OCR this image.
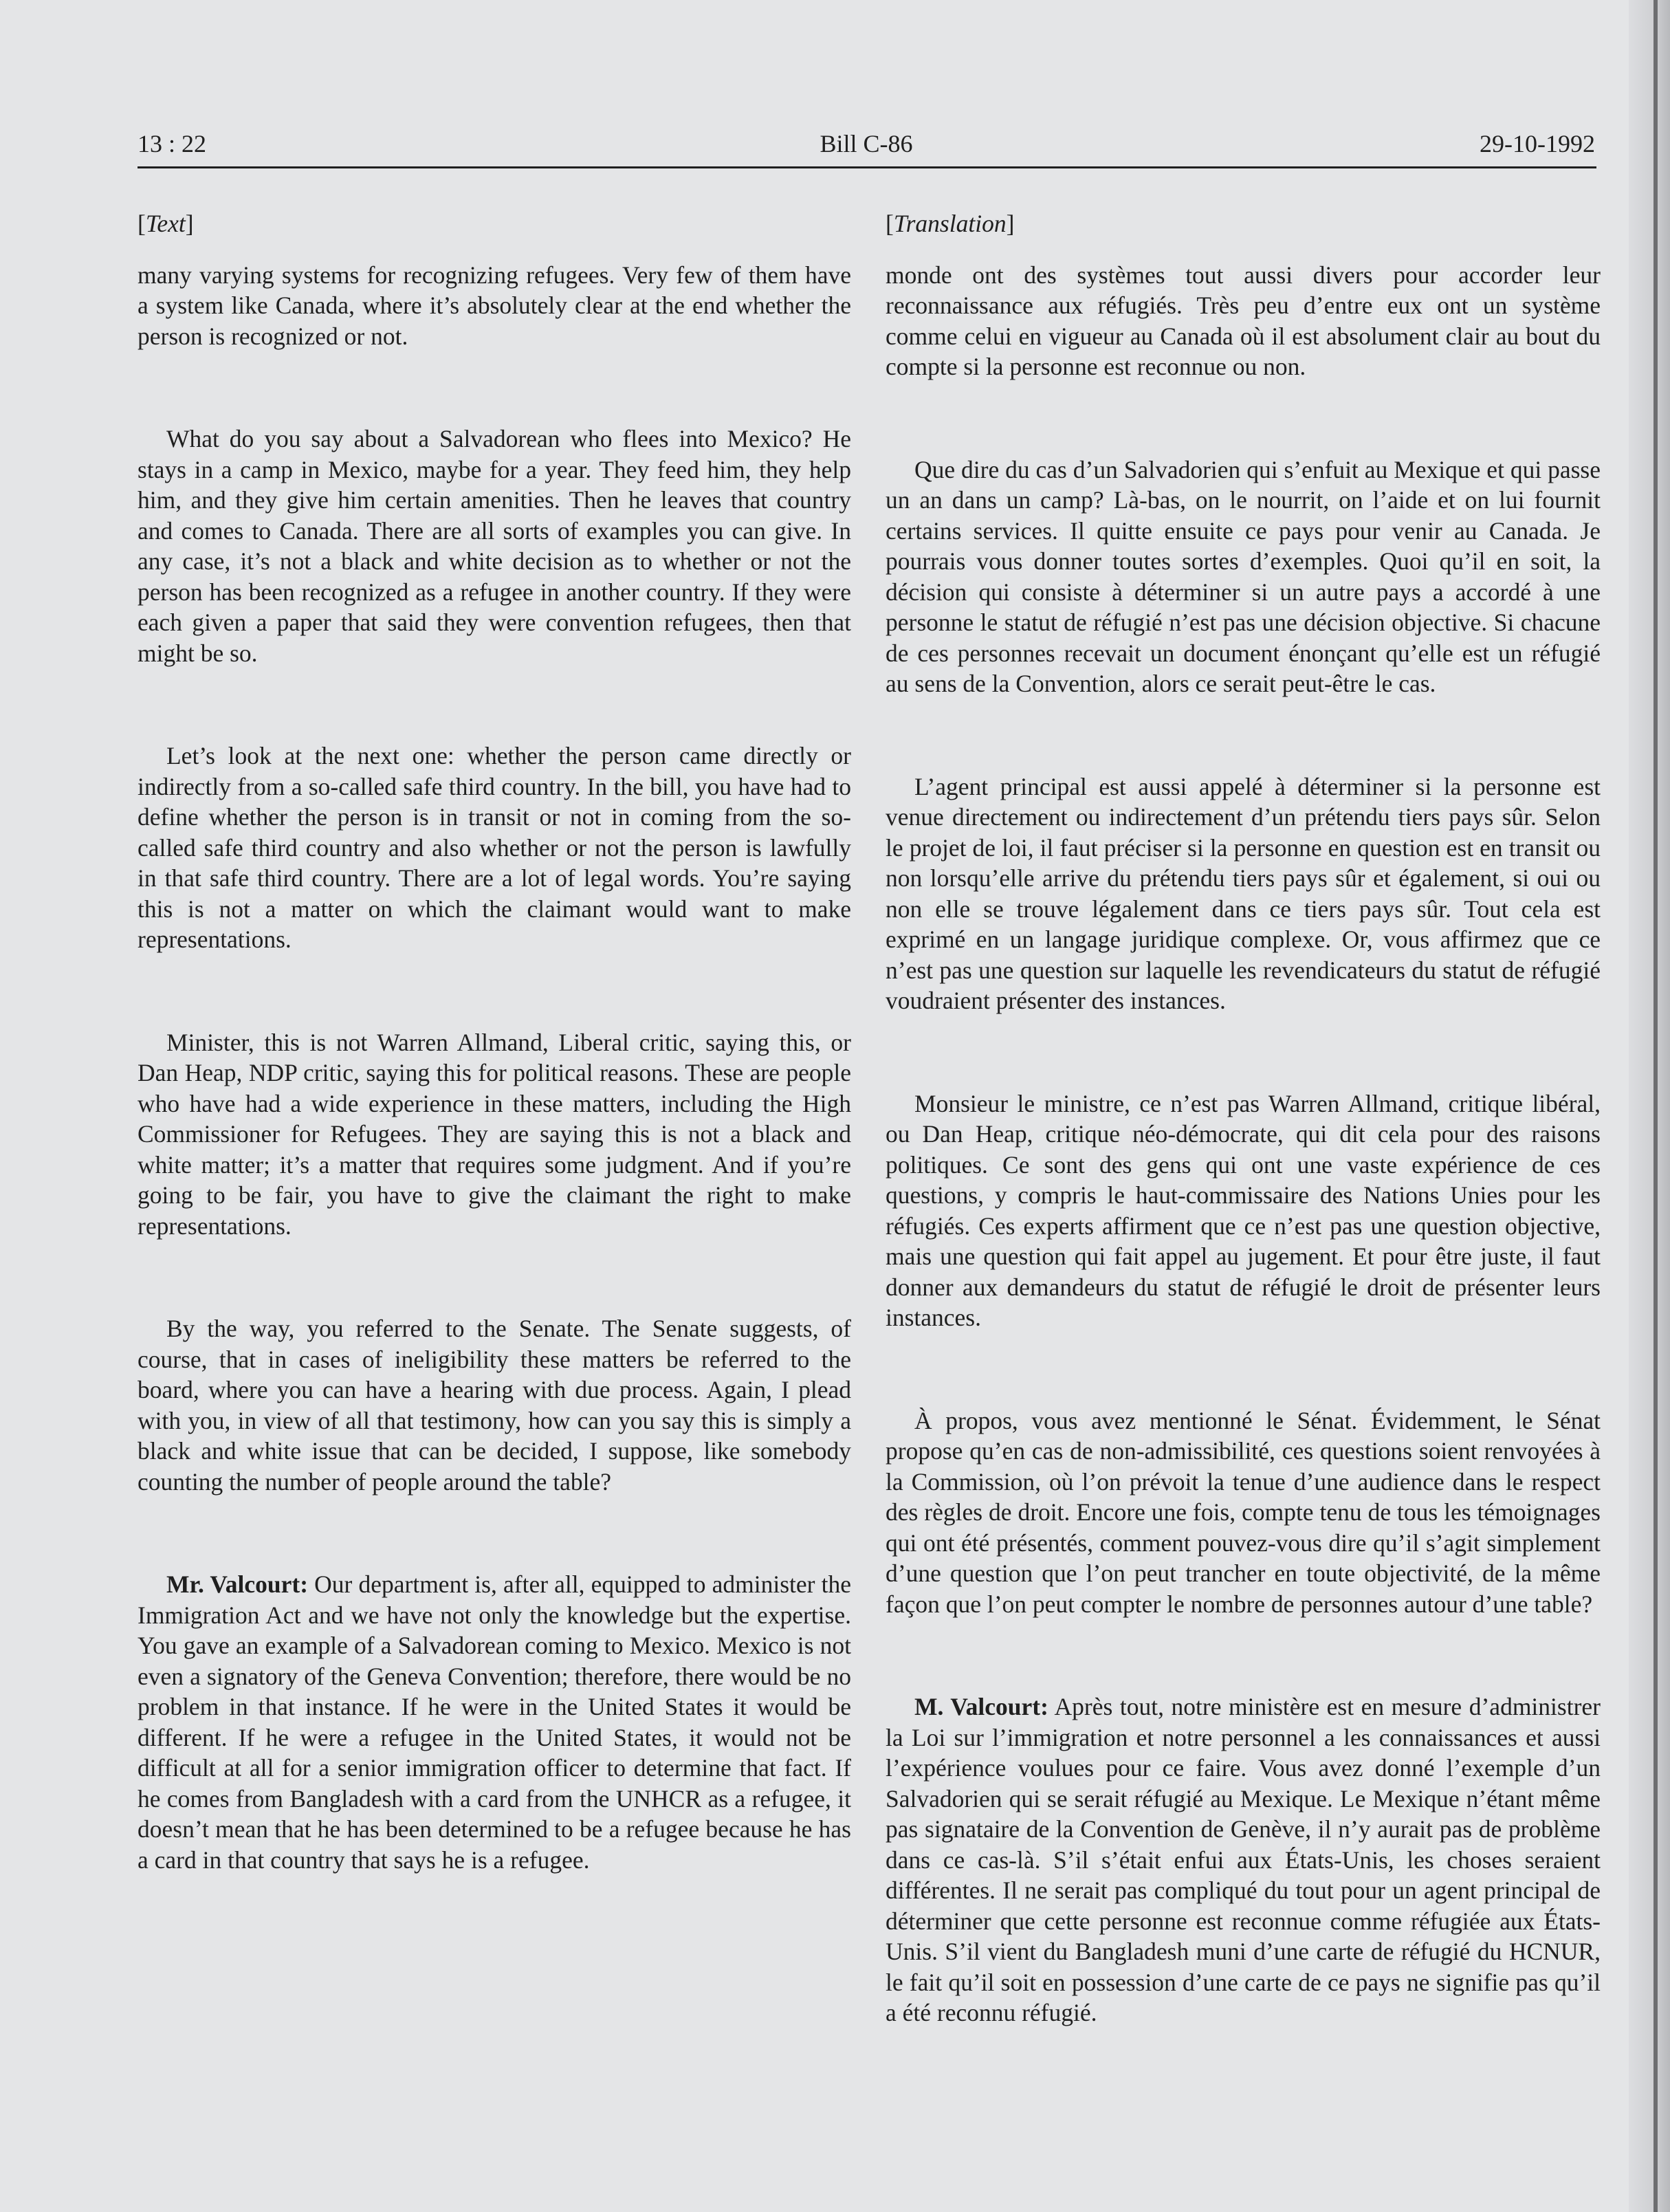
13 : 22	Bill C-86	29-10-1992
[Text]

many varying systems for recognizing refugees. Very few of them have a system like Canada, where it’s absolutely clear at the end whether the person is recognized or not.

What do you say about a Salvadorean who flees into Mexico? He stays in a camp in Mexico, maybe for a year. They feed him, they help him, and they give him certain amenities. Then he leaves that country and comes to Canada. There are all sorts of examples you can give. In any case, it’s not a black and white decision as to whether or not the person has been recognized as a refugee in another country. If they were each given a paper that said they were convention refugees, then that might be so.

Let’s look at the next one: whether the person came directly or indirectly from a so-called safe third country. In the bill, you have had to define whether the person is in transit or not in coming from the so-called safe third country and also whether or not the person is lawfully in that safe third country. There are a lot of legal words. You’re saying this is not a matter on which the claimant would want to make representations.

Minister, this is not Warren Allmand, Liberal critic, saying this, or Dan Heap, NDP critic, saying this for political reasons. These are people who have had a wide experience in these matters, including the High Commissioner for Refugees. They are saying this is not a black and white matter; it’s a matter that requires some judgment. And if you’re going to be fair, you have to give the claimant the right to make representations.

By the way, you referred to the Senate. The Senate suggests, of course, that in cases of ineligibility these matters be referred to the board, where you can have a hearing with due process. Again, I plead with you, in view of all that testimony, how can you say this is simply a black and white issue that can be decided, I suppose, like somebody counting the number of people around the table?

Mr. Valcourt: Our department is, after all, equipped to administer the Immigration Act and we have not only the knowledge but the expertise. You gave an example of a Salvadorean coming to Mexico. Mexico is not even a signatory of the Geneva Convention; therefore, there would be no problem in that instance. If he were in the United States it would be different. If he were a refugee in the United States, it would not be difficult at all for a senior immigration officer to determine that fact. If he comes from Bangladesh with a card from the UNHCR as a refugee, it doesn’t mean that he has been determined to be a refugee because he has a card in that country that says he is a refugee.

[Translation]

monde ont des systèmes tout aussi divers pour accorder leur reconnaissance aux réfugiés. Très peu d’entre eux ont un système comme celui en vigueur au Canada où il est absolument clair au bout du compte si la personne est reconnue ou non.

Que dire du cas d’un Salvadorien qui s’enfuit au Mexique et qui passe un an dans un camp? Là-bas, on le nourrit, on l’aide et on lui fournit certains services. Il quitte ensuite ce pays pour venir au Canada. Je pourrais vous donner toutes sortes d’exemples. Quoi qu’il en soit, la décision qui consiste à déterminer si un autre pays a accordé à une personne le statut de réfugié n’est pas une décision objective. Si chacune de ces personnes recevait un document énonçant qu’elle est un réfugié au sens de la Convention, alors ce serait peut-être le cas.

L’agent principal est aussi appelé à déterminer si la personne est venue directement ou indirectement d’un prétendu tiers pays sûr. Selon le projet de loi, il faut préciser si la personne en question est en transit ou non lorsqu’elle arrive du prétendu tiers pays sûr et également, si oui ou non elle se trouve légalement dans ce tiers pays sûr. Tout cela est exprimé en un langage juridique complexe. Or, vous affirmez que ce n’est pas une question sur laquelle les revendicateurs du statut de réfugié voudraient présenter des instances.

Monsieur le ministre, ce n’est pas Warren Allmand, critique libéral, ou Dan Heap, critique néo-démocrate, qui dit cela pour des raisons politiques. Ce sont des gens qui ont une vaste expérience de ces questions, y compris le haut-commissaire des Nations Unies pour les réfugiés. Ces experts affirment que ce n’est pas une question objective, mais une question qui fait appel au jugement. Et pour être juste, il faut donner aux demandeurs du statut de réfugié le droit de présenter leurs instances.

À propos, vous avez mentionné le Sénat. Évidemment, le Sénat propose qu’en cas de non-admissibilité, ces questions soient renvoyées à la Commission, où l’on prévoit la tenue d’une audience dans le respect des règles de droit. Encore une fois, compte tenu de tous les témoignages qui ont été présentés, comment pouvez-vous dire qu’il s’agit simplement d’une question que l’on peut trancher en toute objectivité, de la même façon que l’on peut compter le nombre de personnes autour d’une table?

M. Valcourt: Après tout, notre ministère est en mesure d’administrer la Loi sur l’immigration et notre personnel a les connaissances et aussi l’expérience voulues pour ce faire. Vous avez donné l’exemple d’un Salvadorien qui se serait réfugié au Mexique. Le Mexique n’étant même pas signataire de la Convention de Genève, il n’y aurait pas de problème dans ce cas-là. S’il s’était enfui aux États-Unis, les choses seraient différentes. Il ne serait pas compliqué du tout pour un agent principal de déterminer que cette personne est reconnue comme réfugiée aux États-Unis. S’il vient du Bangladesh muni d’une carte de réfugié du HCNUR, le fait qu’il soit en possession d’une carte de ce pays ne signifie pas qu’il a été reconnu réfugié.
